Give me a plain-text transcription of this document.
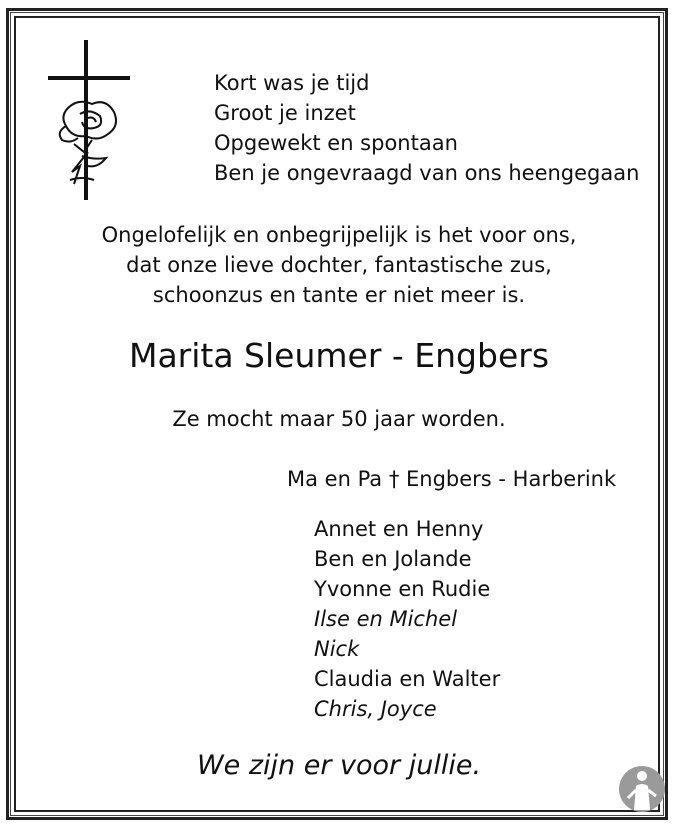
Kort was je tijd
Groot je inzet
Opgewekt en spontaan
Ben je ongevraagd van ons heengegaan
Ongelofelijk en onbegrijpelijk is het voor ons,
dat onze lieve dochter, fantastische zus,
schoonzus en tante er niet meer is.
Marita Sleumer - Engbers
Ze mocht maar 50 jaar worden.
Ma en Pa † Engbers - Harberink
Annet en Henny
Ben en Jolande
Yvonne en Rudie
Ilse en Michel
Nick
Claudia en Walter
Chris, Joyce
We zijn er voor jullie.
